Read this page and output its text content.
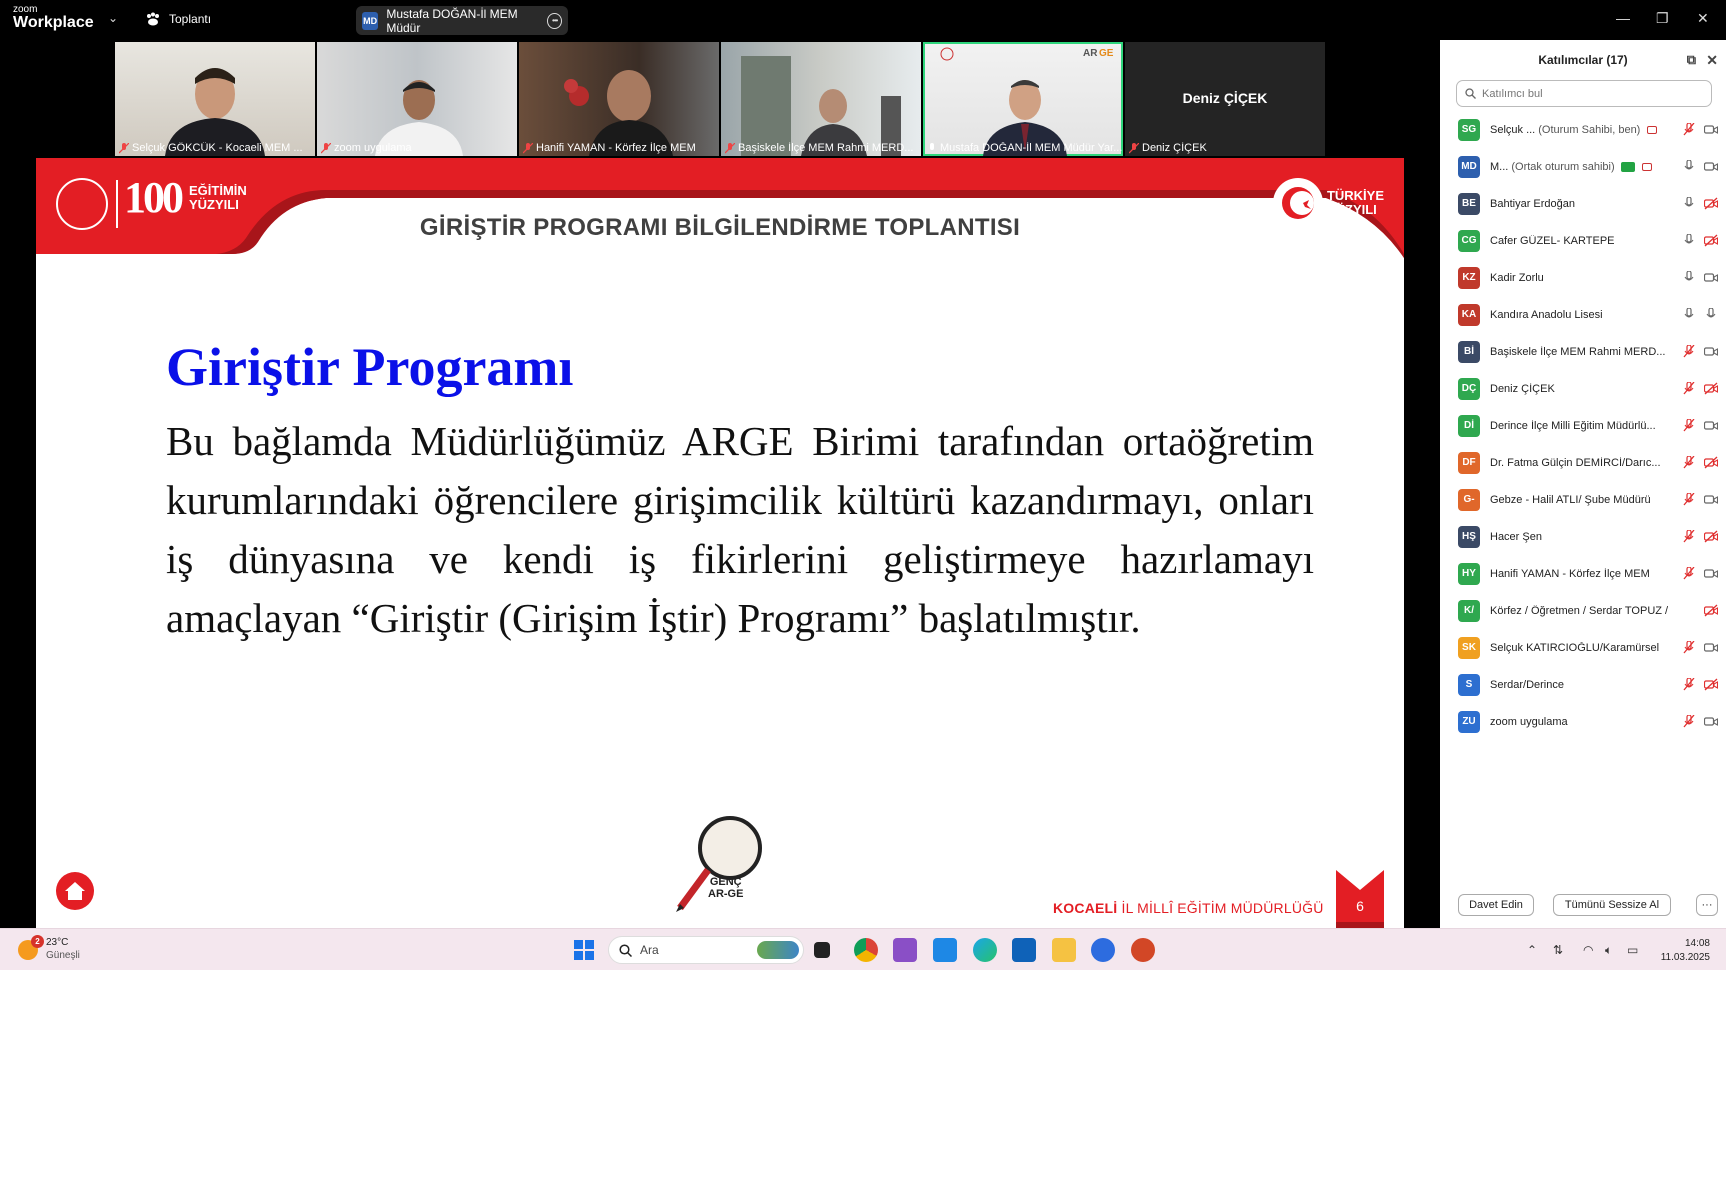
zoom
Workplace ⌄	Toplantı	MD Mustafa DOĞAN-İl MEM Müdür	•••	— ❐ ✕
Selçuk GÖKCÜK - Kocaeli MEM ...	zoom uygulama	Hanifi YAMAN - Körfez İlçe MEM	Başiskele İlçe MEM Rahmi MERD...
AR GE
Mustafa DOĞAN-İl MEM Müdür Yar...
Deniz ÇİÇEK
Deniz ÇİÇEK
100 EĞİTİMİN
YÜZYILI
TÜRKİYE
YÜZYILI
GİRİŞTİR PROGRAMI BİLGİLENDİRME TOPLANTISI
Giriştir Programı
Bu bağlamda Müdürlüğümüz ARGE Birimi tarafından ortaöğretim kurumlarındaki öğrencilere girişimcilik kültürü kazandırmayı, onları iş dünyasına ve kendi iş fikirlerini geliştirmeye hazırlamayı amaçlayan “Giriştir (Girişim İştir) Programı” başlatılmıştır.
GENÇ
AR-GE
KOCAELİ İL MİLLÎ EĞİTİM MÜDÜRLÜĞÜ	6
Katılımcılar (17)	⧉ ✕
Katılımcı bul
SG	Selçuk ... (Oturum Sahibi, ben)
MD M... (Ortak oturum sahibi)
BE	Bahtiyar Erdoğan
CG	Cafer GÜZEL- KARTEPE
KZ	Kadir Zorlu
KA	Kandıra Anadolu Lisesi
Bİ	Başiskele İlçe MEM Rahmi MERD...
DÇ	Deniz ÇİÇEK
Dİ	Derince İlçe Milli Eğitim Müdürlü...
DF	Dr. Fatma Gülçin DEMİRCİ/Darıc...
G-	Gebze - Halil ATLI/ Şube Müdürü
HŞ	Hacer Şen
HY	Hanifi YAMAN - Körfez İlçe MEM
K/	Körfez / Öğretmen / Serdar TOPUZ /
SK	Selçuk KATIRCIOĞLU/Karamürsel
S	Serdar/Derince
ZU	zoom uygulama
Davet Edin	Tümünü Sessize Al	···
2 23°C
Güneşli	Ara	⌃ ⇅ ◠ 🔈︎ ▭	14:08
11.03.2025
